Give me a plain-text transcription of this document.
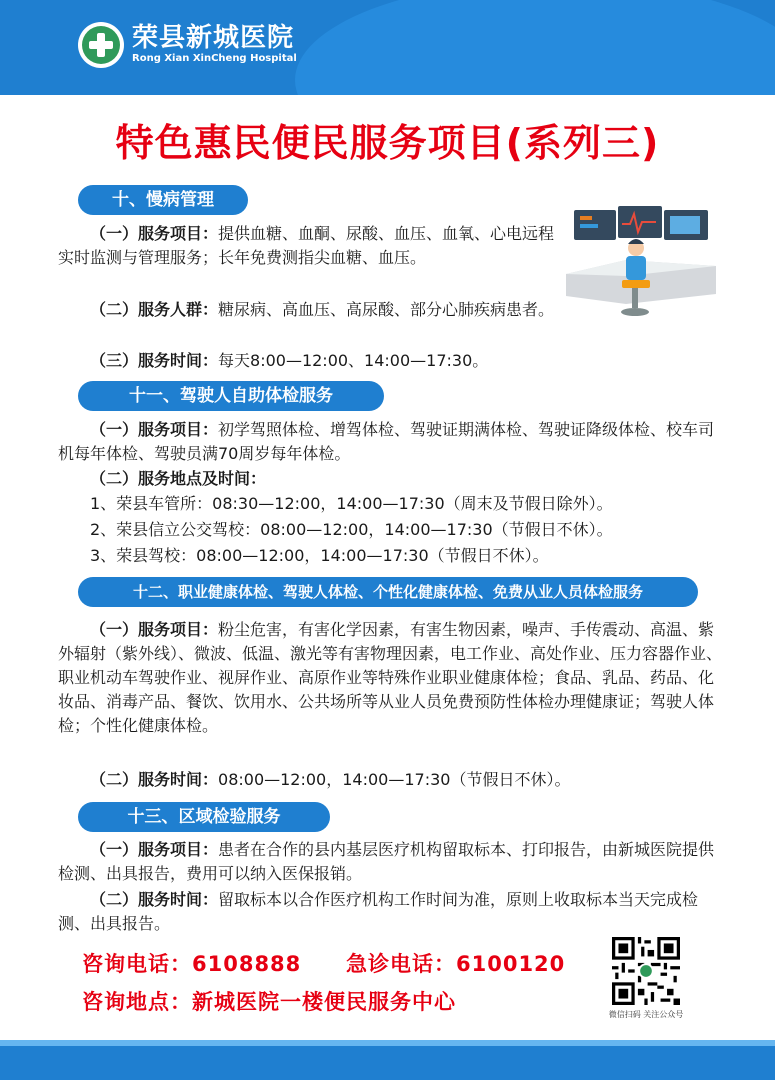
荣县新城医院
Rong Xian XinCheng Hospital
特色惠民便民服务项目(系列三)
十、慢病管理
（一）服务项目：提供血糖、血酮、尿酸、血压、血氧、心电远程实时监测与管理服务；长年免费测指尖血糖、血压。
（二）服务人群：糖尿病、高血压、高尿酸、部分心肺疾病患者。
（三）服务时间：每天8:00—12:00、14:00—17:30。
十一、驾驶人自助体检服务
（一）服务项目：初学驾照体检、增驾体检、驾驶证期满体检、驾驶证降级体检、校车司机每年体检、驾驶员满70周岁每年体检。
（二）服务地点及时间：
1、荣县车管所：08:30—12:00，14:00—17:30（周末及节假日除外）。
2、荣县信立公交驾校：08:00—12:00，14:00—17:30（节假日不休）。
3、荣县驾校：08:00—12:00，14:00—17:30（节假日不休）。
十二、职业健康体检、驾驶人体检、个性化健康体检、免费从业人员体检服务
（一）服务项目：粉尘危害，有害化学因素，有害生物因素，噪声、手传震动、高温、紫外辐射（紫外线）、微波、低温、激光等有害物理因素，电工作业、高处作业、压力容器作业、职业机动车驾驶作业、视屏作业、高原作业等特殊作业职业健康体检；食品、乳品、药品、化妆品、消毒产品、餐饮、饮用水、公共场所等从业人员免费预防性体检办理健康证；驾驶人体检；个性化健康体检。
（二）服务时间：08:00—12:00，14:00—17:30（节假日不休）。
十三、区域检验服务
（一）服务项目：患者在合作的县内基层医疗机构留取标本、打印报告，由新城医院提供检测、出具报告，费用可以纳入医保报销。
（二）服务时间：留取标本以合作医疗机构工作时间为准，原则上收取标本当天完成检测、出具报告。
咨询电话：6108888 急诊电话：6100120
咨询地点：新城医院一楼便民服务中心
微信扫码 关注公众号
